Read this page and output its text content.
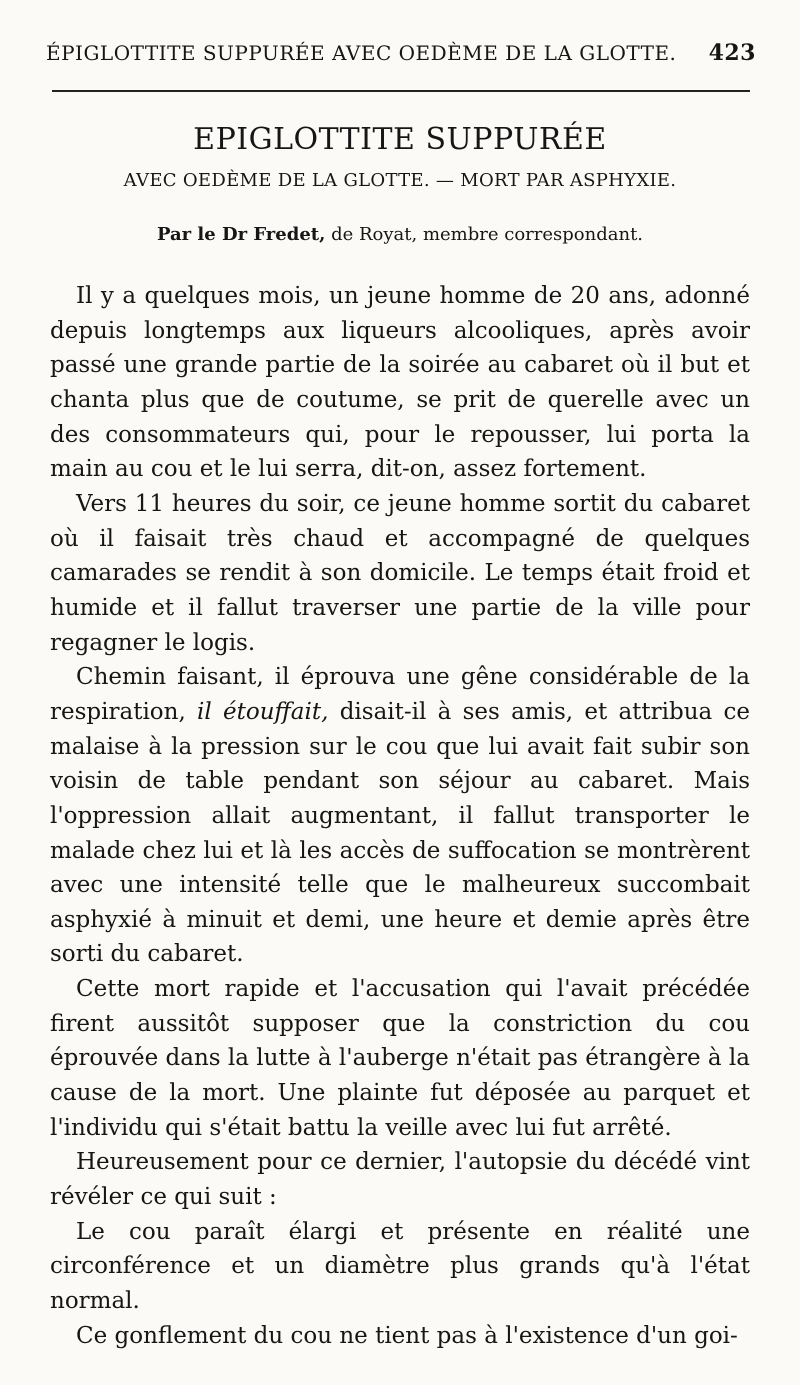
ÉPIGLOTTITE SUPPURÉE AVEC OEDÈME DE LA GLOTTE. 423
EPIGLOTTITE SUPPURÉE
AVEC OEDÈME DE LA GLOTTE. — MORT PAR ASPHYXIE.
Par le Dr Fredet, de Royat, membre correspondant.

Il y a quelques mois, un jeune homme de 20 ans, adonné depuis longtemps aux liqueurs alcooliques, après avoir passé une grande partie de la soirée au cabaret où il but et chanta plus que de coutume, se prit de querelle avec un des consommateurs qui, pour le repousser, lui porta la main au cou et le lui serra, dit-on, assez fortement.

Vers 11 heures du soir, ce jeune homme sortit du cabaret où il faisait très chaud et accompagné de quelques camarades se rendit à son domicile. Le temps était froid et humide et il fallut traverser une partie de la ville pour regagner le logis.

Chemin faisant, il éprouva une gêne considérable de la respiration, il étouffait, disait-il à ses amis, et attribua ce malaise à la pression sur le cou que lui avait fait subir son voisin de table pendant son séjour au cabaret. Mais l'oppression allait augmentant, il fallut transporter le malade chez lui et là les accès de suffocation se montrèrent avec une intensité telle que le malheureux succombait asphyxié à minuit et demi, une heure et demie après être sorti du cabaret.

Cette mort rapide et l'accusation qui l'avait précédée firent aussitôt supposer que la constriction du cou éprouvée dans la lutte à l'auberge n'était pas étrangère à la cause de la mort. Une plainte fut déposée au parquet et l'individu qui s'était battu la veille avec lui fut arrêté.

Heureusement pour ce dernier, l'autopsie du décédé vint révéler ce qui suit :

Le cou paraît élargi et présente en réalité une circonférence et un diamètre plus grands qu'à l'état normal.

Ce gonflement du cou ne tient pas à l'existence d'un goi-
